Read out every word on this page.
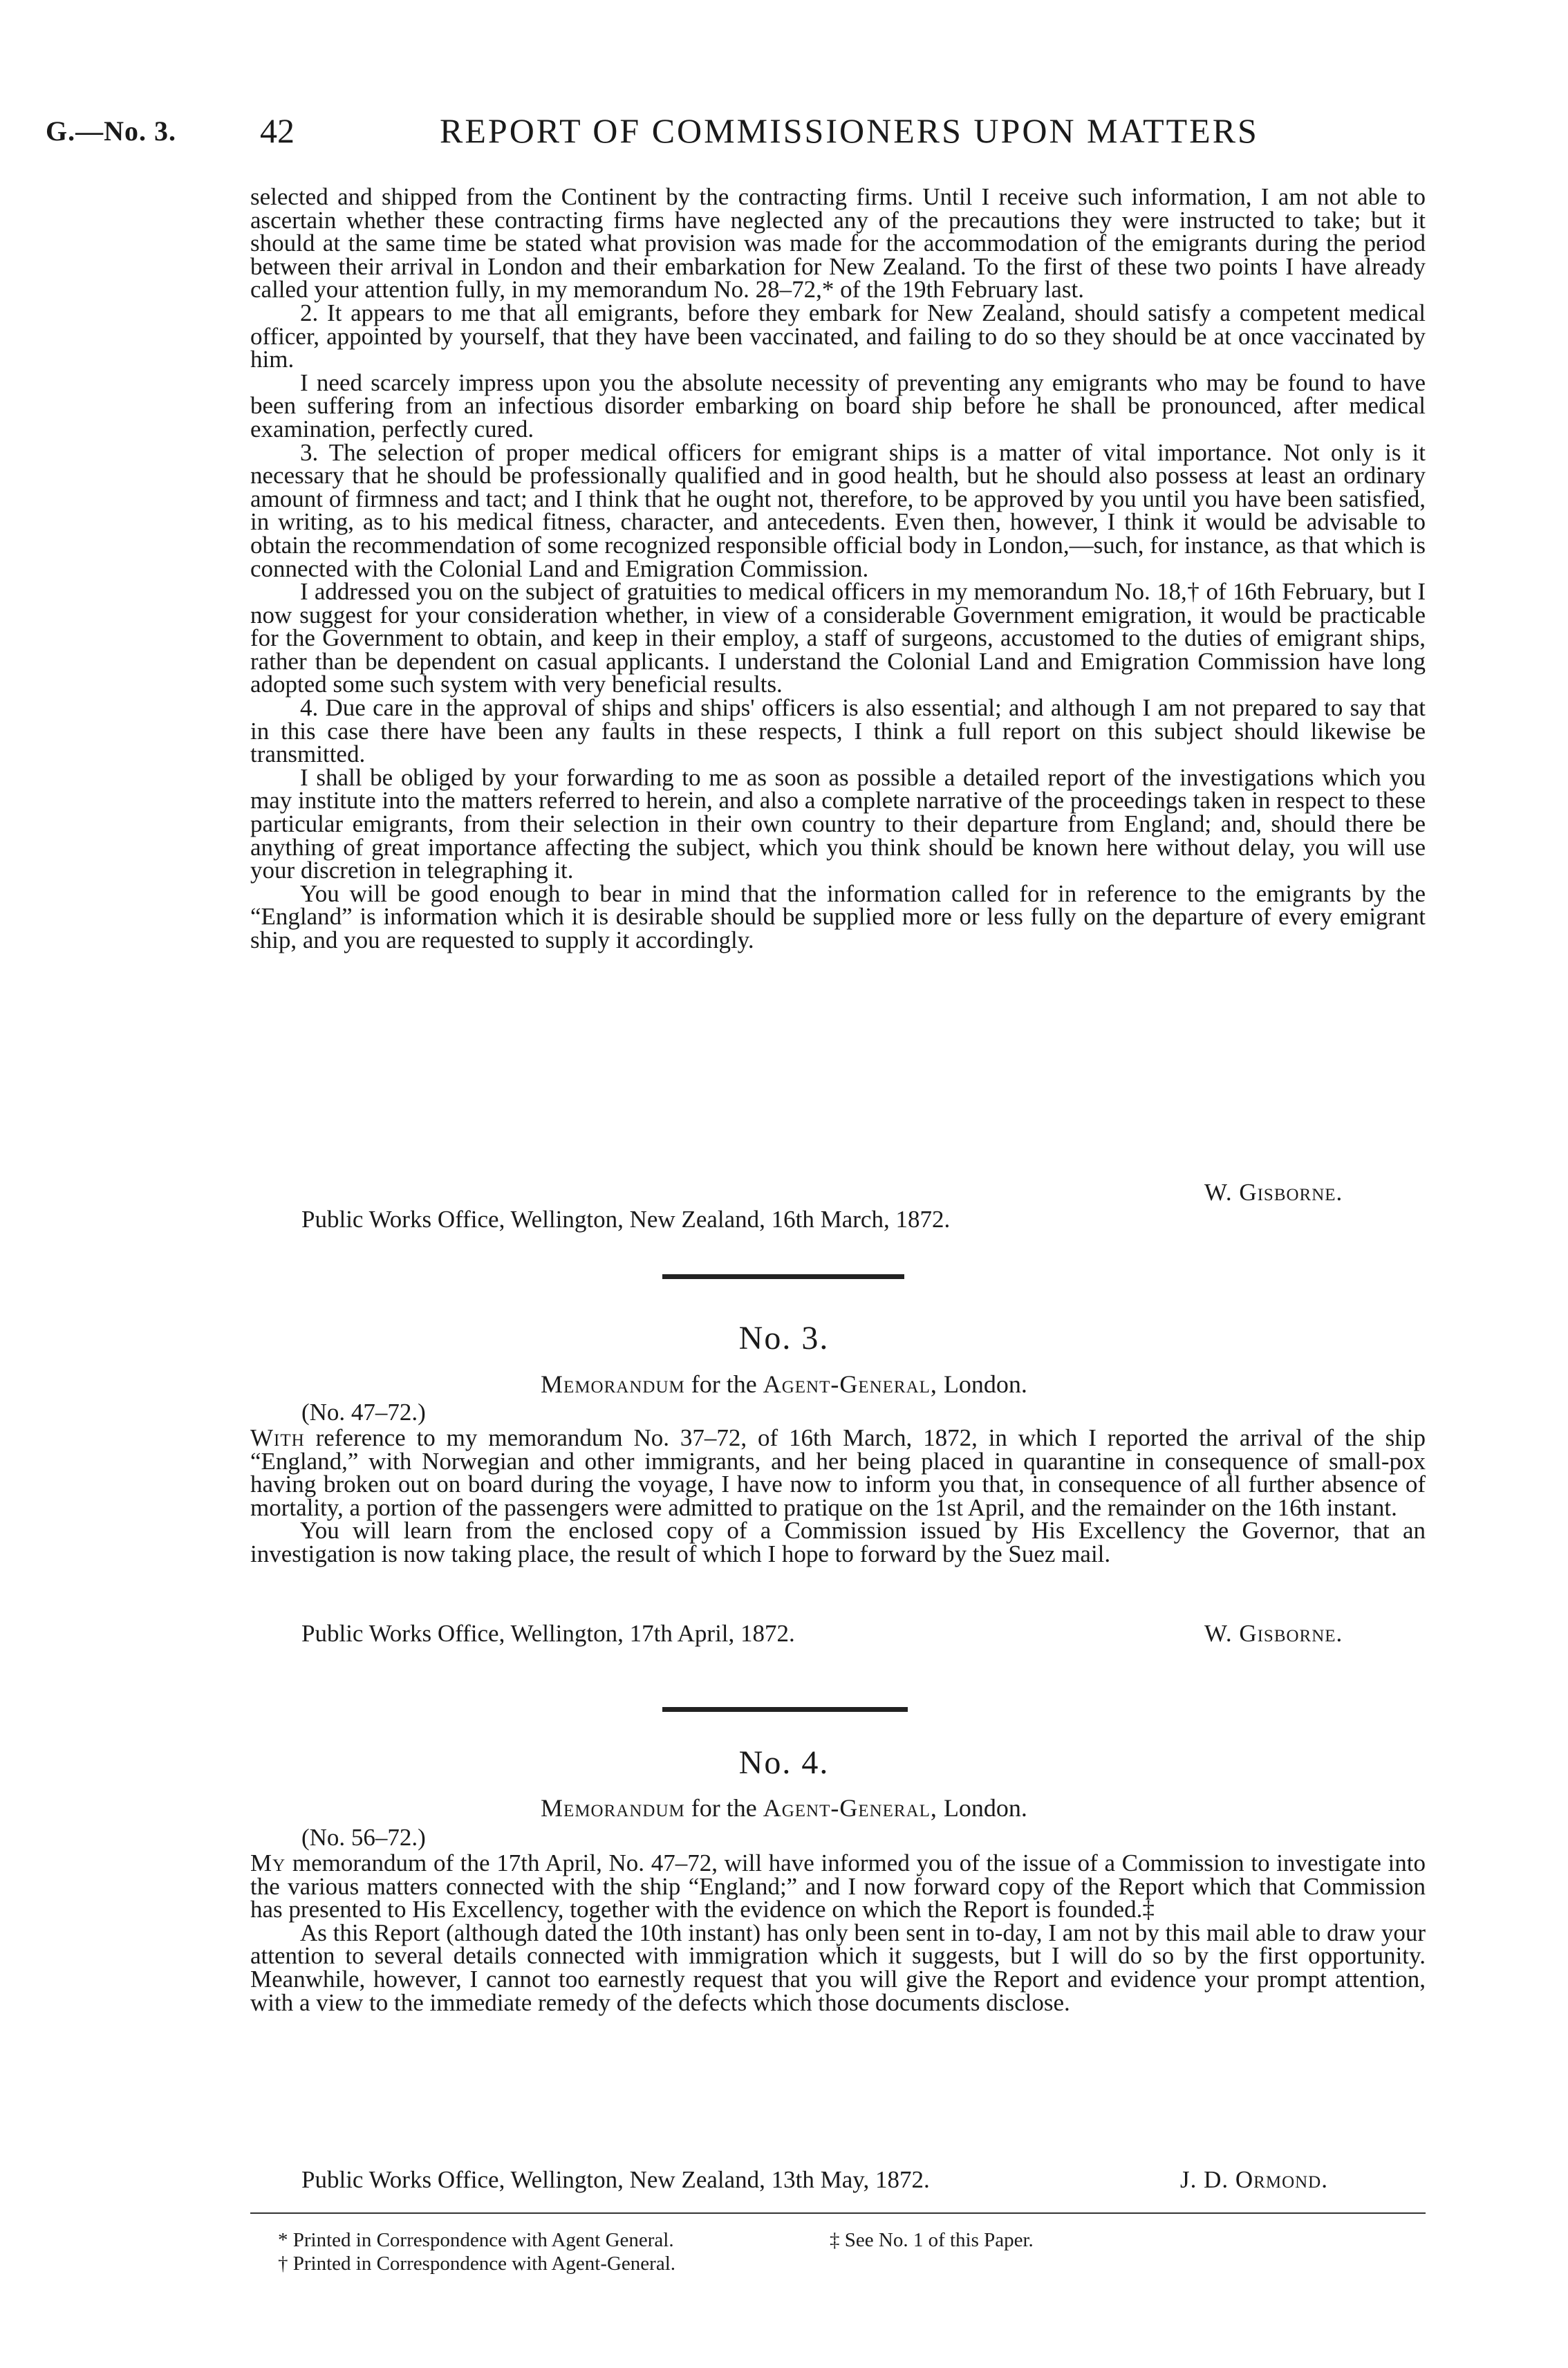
G.—No. 3. 42	REPORT OF COMMISSIONERS UPON MATTERS

selected and shipped from the Continent by the contracting firms. Until I receive such information, I am not able to ascertain whether these contracting firms have neglected any of the precautions they were instructed to take; but it should at the same time be stated what provision was made for the accommodation of the emigrants during the period between their arrival in London and their embarkation for New Zealand. To the first of these two points I have already called your attention fully, in my memorandum No. 28–72,* of the 19th February last.

2. It appears to me that all emigrants, before they embark for New Zealand, should satisfy a competent medical officer, appointed by yourself, that they have been vaccinated, and failing to do so they should be at once vaccinated by him.

I need scarcely impress upon you the absolute necessity of preventing any emigrants who may be found to have been suffering from an infectious disorder embarking on board ship before he shall be pronounced, after medical examination, perfectly cured.

3. The selection of proper medical officers for emigrant ships is a matter of vital importance. Not only is it necessary that he should be professionally qualified and in good health, but he should also possess at least an ordinary amount of firmness and tact; and I think that he ought not, therefore, to be approved by you until you have been satisfied, in writing, as to his medical fitness, character, and antecedents. Even then, however, I think it would be advisable to obtain the recommendation of some recognized responsible official body in London,—such, for instance, as that which is connected with the Colonial Land and Emigration Commission.

I addressed you on the subject of gratuities to medical officers in my memorandum No. 18,† of 16th February, but I now suggest for your consideration whether, in view of a considerable Government emigration, it would be practicable for the Government to obtain, and keep in their employ, a staff of surgeons, accustomed to the duties of emigrant ships, rather than be dependent on casual applicants. I understand the Colonial Land and Emigration Commission have long adopted some such system with very beneficial results.

4. Due care in the approval of ships and ships' officers is also essential; and although I am not prepared to say that in this case there have been any faults in these respects, I think a full report on this subject should likewise be transmitted.

I shall be obliged by your forwarding to me as soon as possible a detailed report of the investigations which you may institute into the matters referred to herein, and also a complete narrative of the proceedings taken in respect to these particular emigrants, from their selection in their own country to their departure from England; and, should there be anything of great importance affecting the subject, which you think should be known here without delay, you will use your discretion in telegraphing it.

You will be good enough to bear in mind that the information called for in reference to the emigrants by the “England” is information which it is desirable should be supplied more or less fully on the departure of every emigrant ship, and you are requested to supply it accordingly.

W. Gisborne.
Public Works Office, Wellington, New Zealand, 16th March, 1872.
No. 3.
Memorandum for the Agent-General, London.
(No. 47–72.)

With reference to my memorandum No. 37–72, of 16th March, 1872, in which I reported the arrival of the ship “England,” with Norwegian and other immigrants, and her being placed in quarantine in consequence of small-pox having broken out on board during the voyage, I have now to inform you that, in consequence of all further absence of mortality, a portion of the passengers were admitted to pratique on the 1st April, and the remainder on the 16th instant.

You will learn from the enclosed copy of a Commission issued by His Excellency the Governor, that an investigation is now taking place, the result of which I hope to forward by the Suez mail.

Public Works Office, Wellington, 17th April, 1872.	W. Gisborne.
No. 4.
Memorandum for the Agent-General, London.
(No. 56–72.)

My memorandum of the 17th April, No. 47–72, will have informed you of the issue of a Commission to investigate into the various matters connected with the ship “England;” and I now forward copy of the Report which that Commission has presented to His Excellency, together with the evidence on which the Report is founded.‡

As this Report (although dated the 10th instant) has only been sent in to-day, I am not by this mail able to draw your attention to several details connected with immigration which it suggests, but I will do so by the first opportunity. Meanwhile, however, I cannot too earnestly request that you will give the Report and evidence your prompt attention, with a view to the immediate remedy of the defects which those documents disclose.

Public Works Office, Wellington, New Zealand, 13th May, 1872.	J. D. Ormond.
* Printed in Correspondence with Agent General.
† Printed in Correspondence with Agent-General.
‡ See No. 1 of this Paper.
